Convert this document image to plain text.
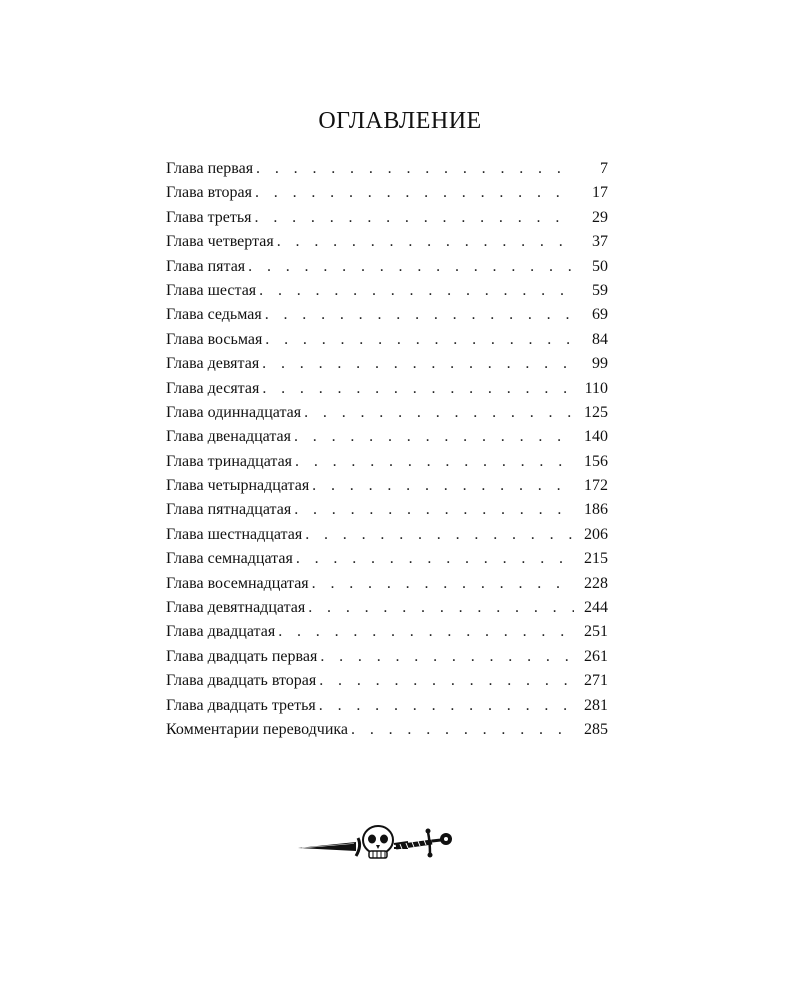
ОГЛАВЛЕНИЕ
Глава первая . . .	7
Глава вторая . . .	17
Глава третья . . .	29
Глава четвертая . . .	37
Глава пятая . . .	50
Глава шестая . . .	59
Глава седьмая . . .	69
Глава восьмая . . .	84
Глава девятая . . .	99
Глава десятая . . .	110
Глава одиннадцатая . . .	125
Глава двенадцатая . . .	140
Глава тринадцатая . . .	156
Глава четырнадцатая . . .	172
Глава пятнадцатая . . .	186
Глава шестнадцатая . . .	206
Глава семнадцатая . . .	215
Глава восемнадцатая . . .	228
Глава девятнадцатая . . .	244
Глава двадцатая . . .	251
Глава двадцать первая . . .	261
Глава двадцать вторая . . .	271
Глава двадцать третья . . .	281
Комментарии переводчика . . .	285
